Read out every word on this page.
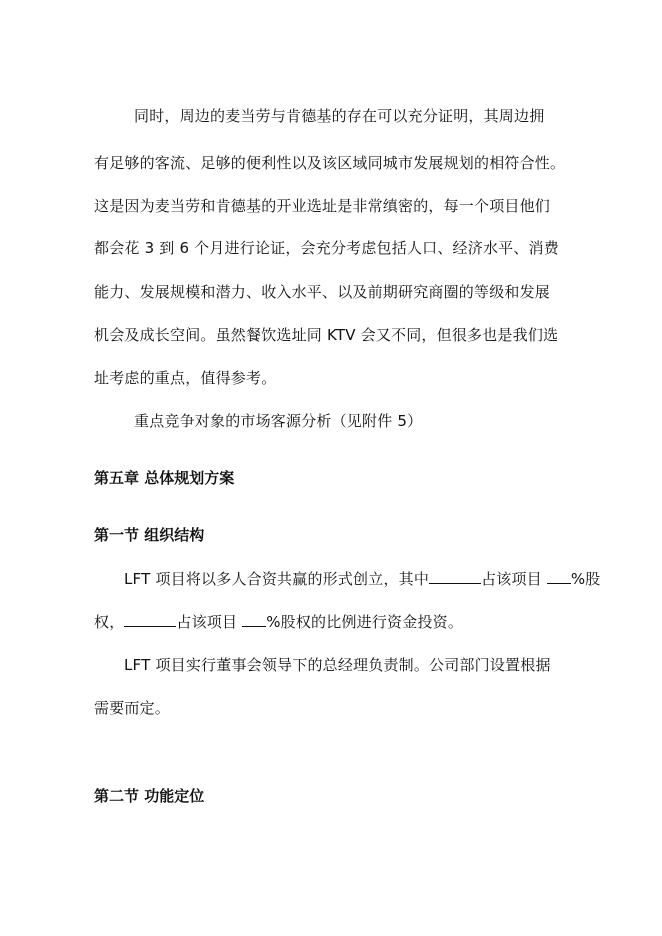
同时，周边的麦当劳与肯德基的存在可以充分证明，其周边拥
有足够的客流、足够的便利性以及该区域同城市发展规划的相符合性。
这是因为麦当劳和肯德基的开业选址是非常缜密的，每一个项目他们
都会花 3 到 6 个月进行论证，会充分考虑包括人口、经济水平、消费
能力、发展规模和潜力、收入水平、以及前期研究商圈的等级和发展
机会及成长空间。虽然餐饮选址同 KTV 会又不同，但很多也是我们选
址考虑的重点，值得参考。
重点竞争对象的市场客源分析（见附件 5）
第五章 总体规划方案
第一节 组织结构
LFT 项目将以多人合资共赢的形式创立，其中	占该项目 %股
权，	占该项目 %股权的比例进行资金投资。
LFT 项目实行董事会领导下的总经理负责制。公司部门设置根据
需要而定。
第二节 功能定位
